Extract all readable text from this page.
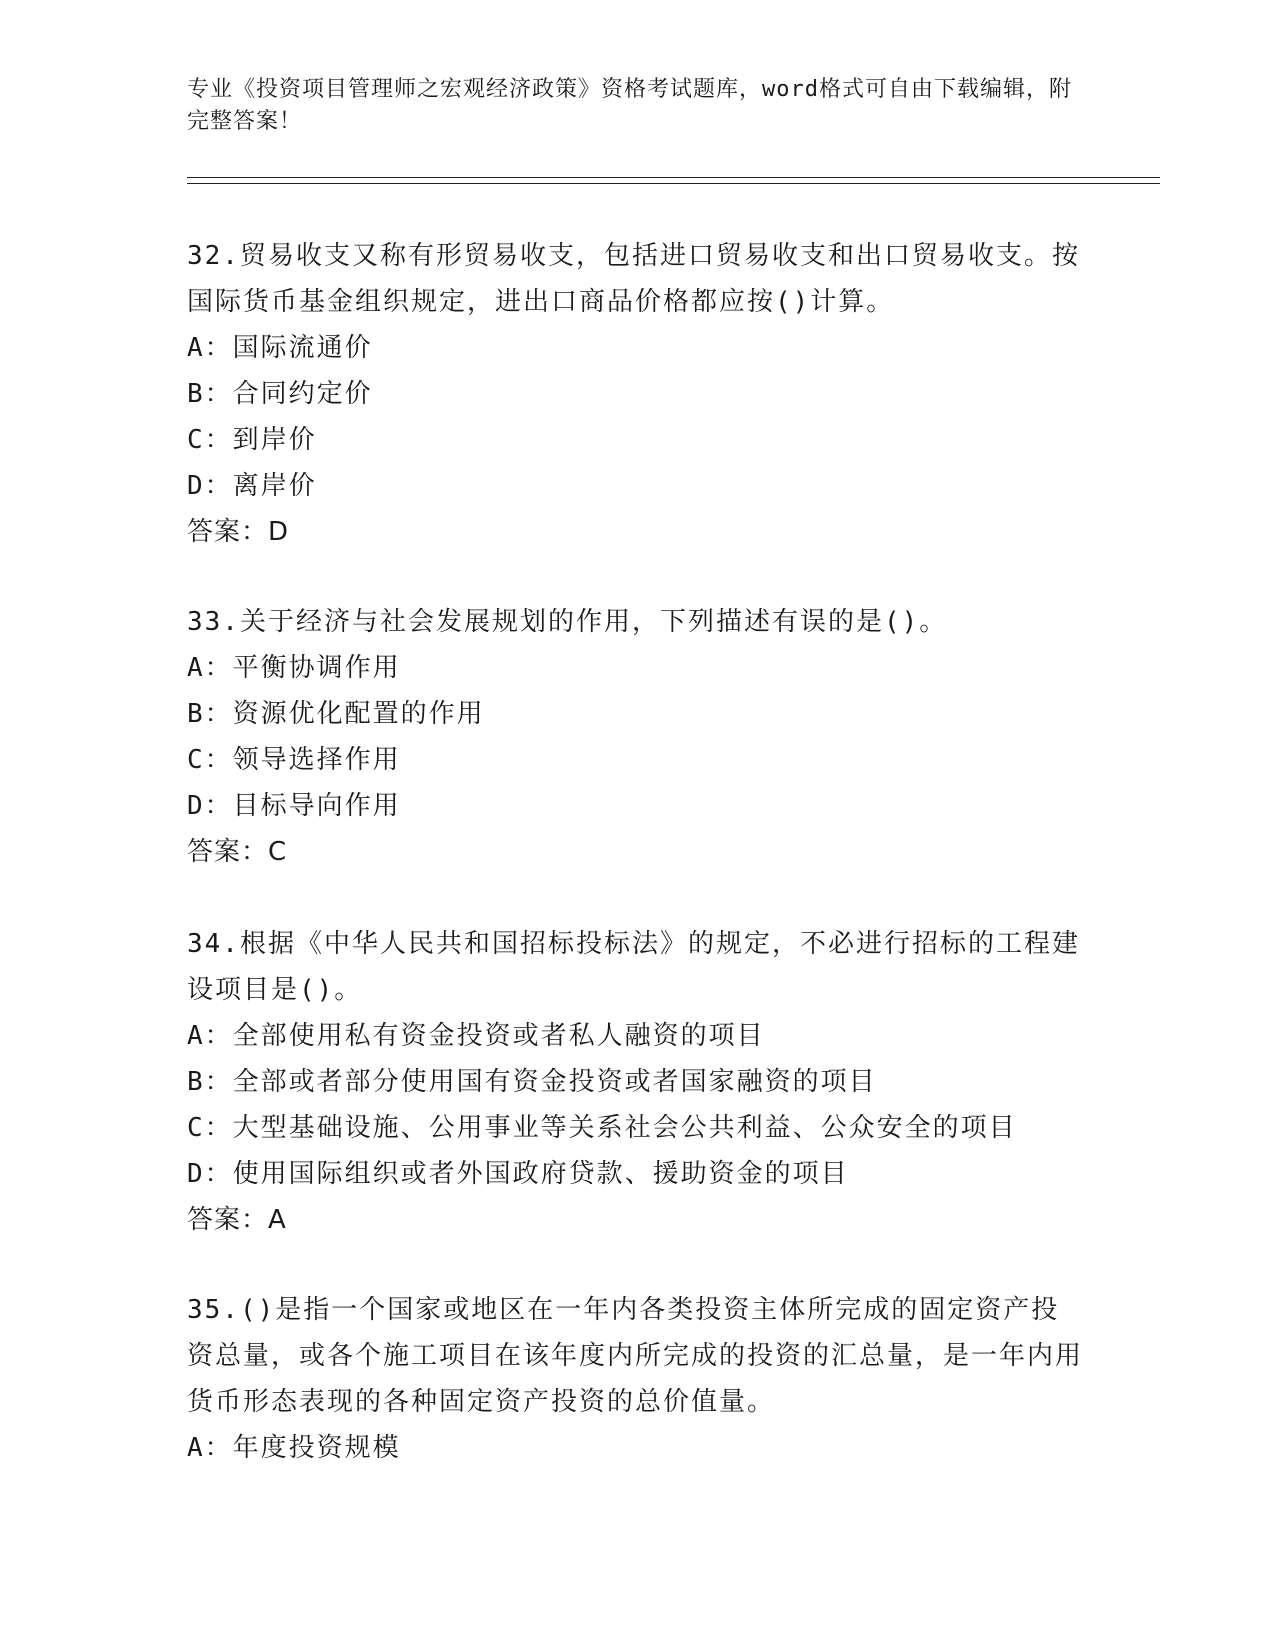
专业《投资项目管理师之宏观经济政策》资格考试题库，word格式可自由下载编辑，附完整答案！

32.贸易收支又称有形贸易收支，包括进口贸易收支和出口贸易收支。按国际货币基金组织规定，进出口商品价格都应按()计算。

A：国际流通价

B：合同约定价

C：到岸价

D：离岸价

答案：D

33.关于经济与社会发展规划的作用，下列描述有误的是()。

A：平衡协调作用

B：资源优化配置的作用

C：领导选择作用

D：目标导向作用

答案：C

34.根据《中华人民共和国招标投标法》的规定，不必进行招标的工程建设项目是()。

A：全部使用私有资金投资或者私人融资的项目

B：全部或者部分使用国有资金投资或者国家融资的项目

C：大型基础设施、公用事业等关系社会公共利益、公众安全的项目

D：使用国际组织或者外国政府贷款、援助资金的项目

答案：A

35.()是指一个国家或地区在一年内各类投资主体所完成的固定资产投资总量，或各个施工项目在该年度内所完成的投资的汇总量，是一年内用货币形态表现的各种固定资产投资的总价值量。

A：年度投资规模
